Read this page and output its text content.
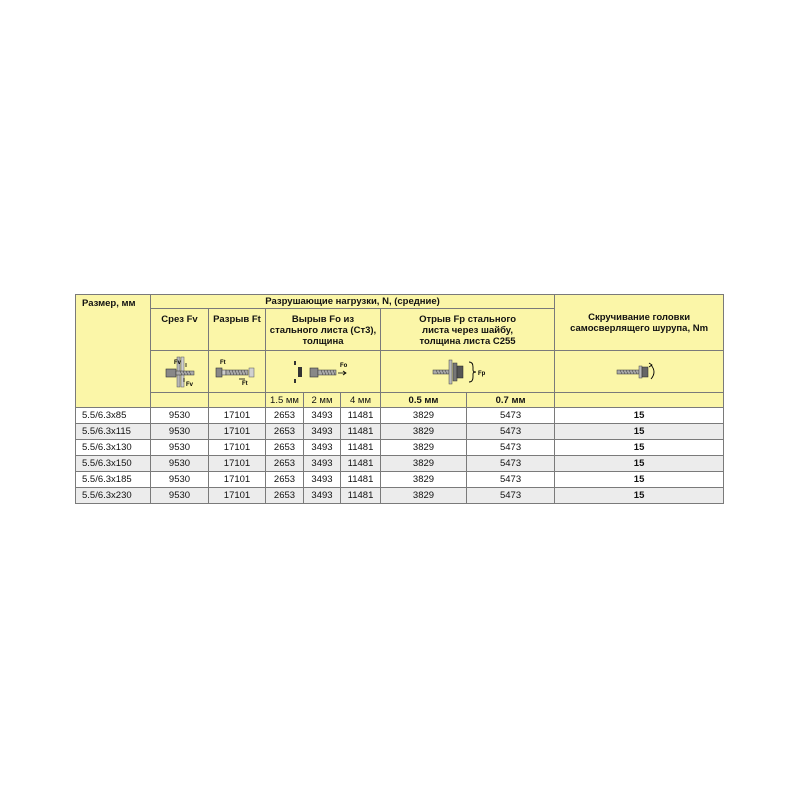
Размер, мм	Разрушающие нагрузки, N, (средние)							Скручивание головки самосверлящего шурупа, Nm
	Срез Fv	Разрыв Ft	Вырыв Fo из стального листа (Ст3), толщина			Отрыв Fp стального листа через шайбу, толщина листа С255		

Fv
Fv	Ft
Ft	Fo			Fp

			1.5 мм	2 мм	4 мм	0.5 мм	0.7 мм	
5.5/6.3х85	9530	17101	2653	3493	11481	3829	5473	15
5.5/6.3х115	9530	17101	2653	3493	11481	3829	5473	15
5.5/6.3х130	9530	17101	2653	3493	11481	3829	5473	15
5.5/6.3х150	9530	17101	2653	3493	11481	3829	5473	15
5.5/6.3х185	9530	17101	2653	3493	11481	3829	5473	15
5.5/6.3х230	9530	17101	2653	3493	11481	3829	5473	15
